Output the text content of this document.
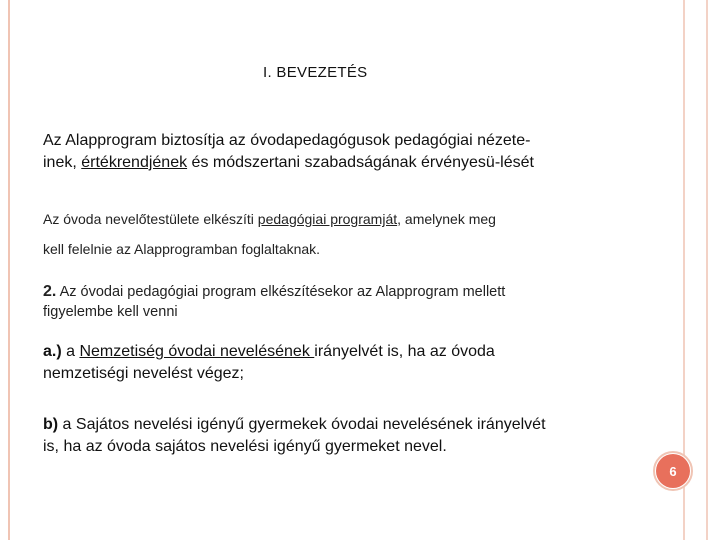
I. BEVEZETÉS
Az Alapprogram biztosítja az óvodapedagógusok pedagógiai nézete-
inek, értékrendjének és módszertani szabadságának érvényesü-lését
Az óvoda nevelőtestülete elkészíti pedagógiai programját, amelynek meg
kell felelnie az Alapprogramban foglaltaknak.
2. Az óvodai pedagógiai program elkészítésekor az Alapprogram mellett
figyelembe kell venni
a.) a Nemzetiség óvodai nevelésének irányelvét is, ha az óvoda
nemzetiségi nevelést végez;
b) a Sajátos nevelési igényű gyermekek óvodai nevelésének irányelvét
is, ha az óvoda sajátos nevelési igényű gyermeket nevel.
6
